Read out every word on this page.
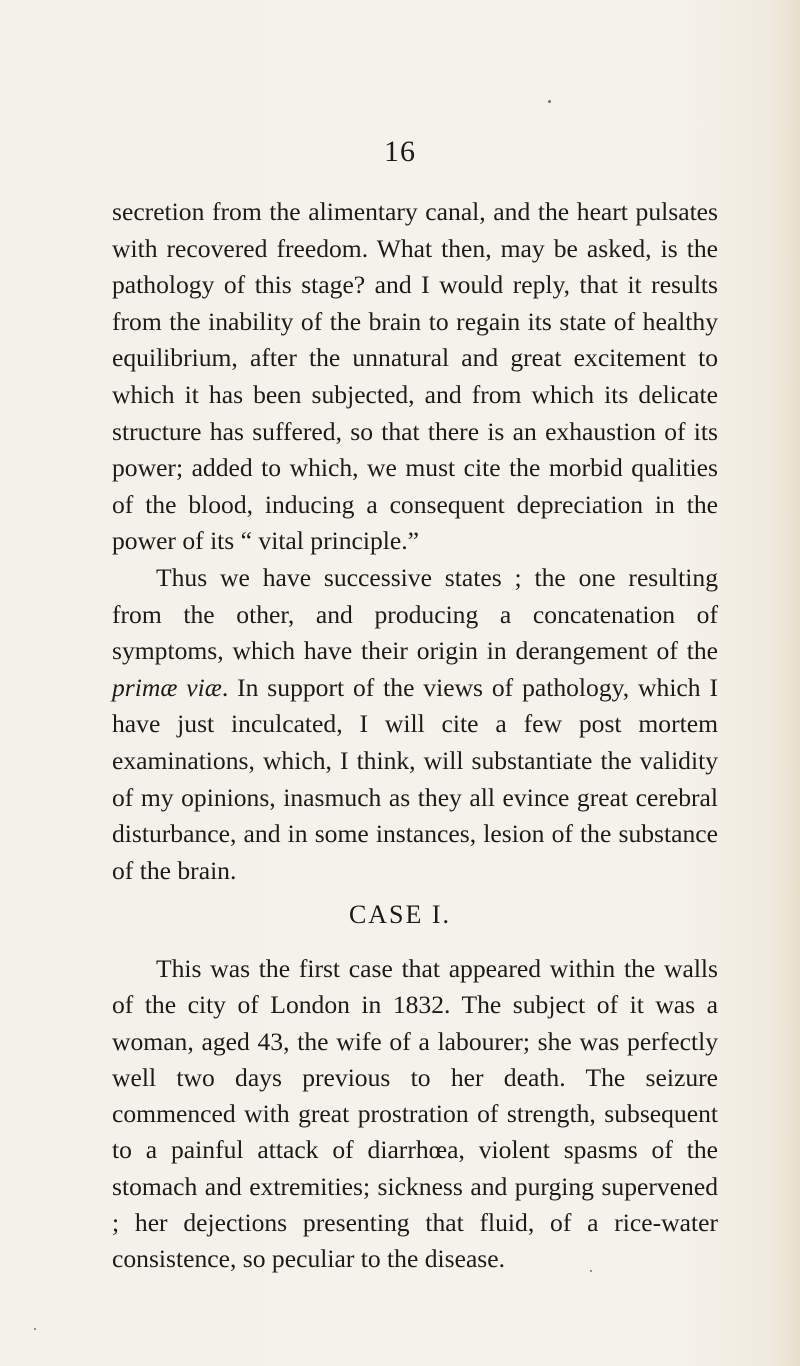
16

secretion from the alimentary canal, and the heart pulsates with recovered freedom. What then, may be asked, is the pathology of this stage? and I would reply, that it results from the inability of the brain to regain its state of healthy equilibrium, after the unnatural and great excitement to which it has been subjected, and from which its delicate structure has suffered, so that there is an exhaustion of its power; added to which, we must cite the morbid qualities of the blood, inducing a consequent depreciation in the power of its “ vital principle.”

Thus we have successive states ; the one resulting from the other, and producing a concatenation of symptoms, which have their origin in derangement of the primæ viæ. In support of the views of pathology, which I have just inculcated, I will cite a few post mortem examinations, which, I think, will substantiate the validity of my opinions, inasmuch as they all evince great cerebral disturbance, and in some instances, lesion of the substance of the brain.

CASE I.

This was the first case that appeared within the walls of the city of London in 1832. The subject of it was a woman, aged 43, the wife of a labourer; she was perfectly well two days previous to her death. The seizure commenced with great prostration of strength, subsequent to a painful attack of diarrhœa, violent spasms of the stomach and extremities; sickness and purging supervened ; her dejections presenting that fluid, of a rice-water consistence, so peculiar to the disease.
